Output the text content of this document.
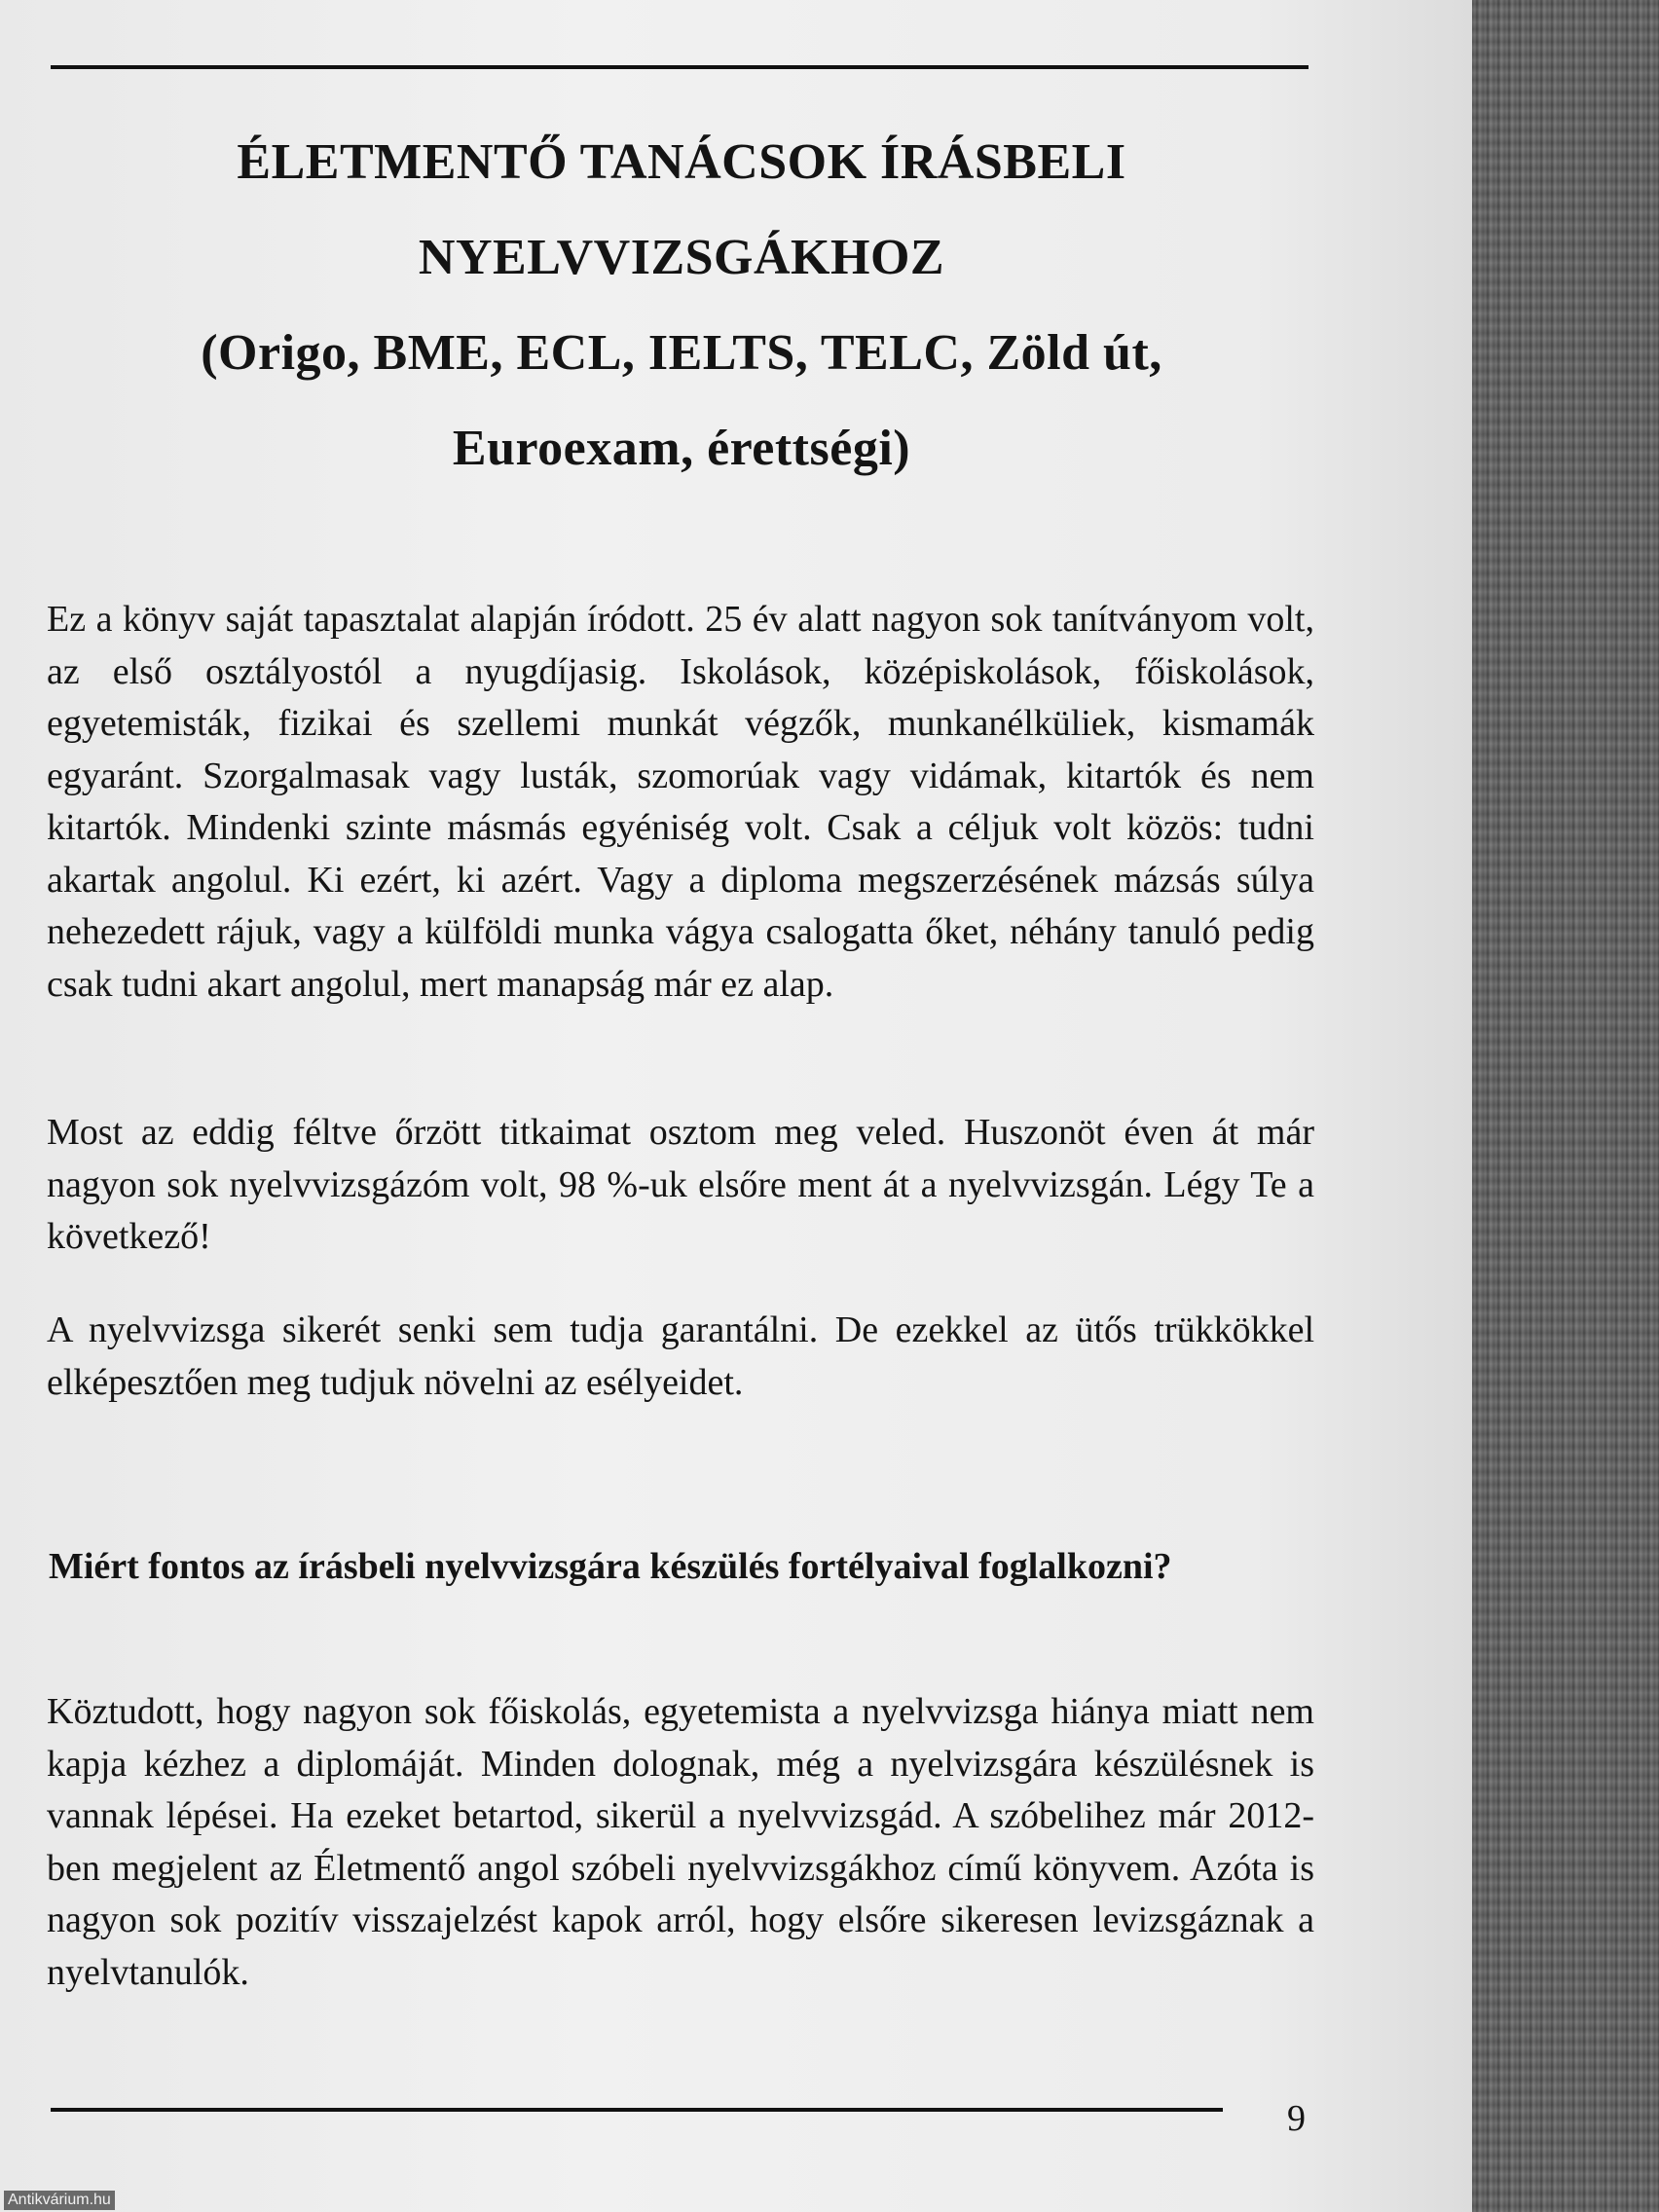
ÉLETMENTŐ TANÁCSOK ÍRÁSBELI
NYELVVIZSGÁKHOZ
(Origo, BME, ECL, IELTS, TELC, Zöld út,
Euroexam, érettségi)

Ez a könyv saját tapasztalat alapján íródott. 25 év alatt nagyon sok tanítványom volt, az első osztályostól a nyugdíjasig. Iskolások, középiskolások, főiskolások, egyetemisták, fizikai és szellemi munkát végzők, munkanélküliek, kismamák egyaránt. Szorgalmasak vagy lusták, szomorúak vagy vidámak, kitartók és nem kitartók. Mindenki szinte másmás egyéniség volt. Csak a céljuk volt közös: tudni akartak angolul. Ki ezért, ki azért. Vagy a diploma megszerzésének mázsás súlya nehezedett rájuk, vagy a külföldi munka vágya csalogatta őket, néhány tanuló pedig csak tudni akart angolul, mert manapság már ez alap.

Most az eddig féltve őrzött titkaimat osztom meg veled. Huszonöt éven át már nagyon sok nyelvvizsgázóm volt, 98 %-uk elsőre ment át a nyelvvizsgán. Légy Te a következő!

A nyelvvizsga sikerét senki sem tudja garantálni. De ezekkel az ütős trükkökkel elképesztően meg tudjuk növelni az esélyeidet.

Miért fontos az írásbeli nyelvvizsgára készülés fortélyaival foglalkozni?

Köztudott, hogy nagyon sok főiskolás, egyetemista a nyelvvizsga hiánya miatt nem kapja kézhez a diplomáját. Minden dolognak, még a nyelvizsgára készülésnek is vannak lépései. Ha ezeket betartod, sikerül a nyelvvizsgád. A szóbelihez már 2012-ben megjelent az Életmentő angol szóbeli nyelvvizsgákhoz című könyvem. Azóta is nagyon sok pozitív visszajelzést kapok arról, hogy elsőre sikeresen levizsgáznak a nyelvtanulók.

9
Antikvárium.hu
